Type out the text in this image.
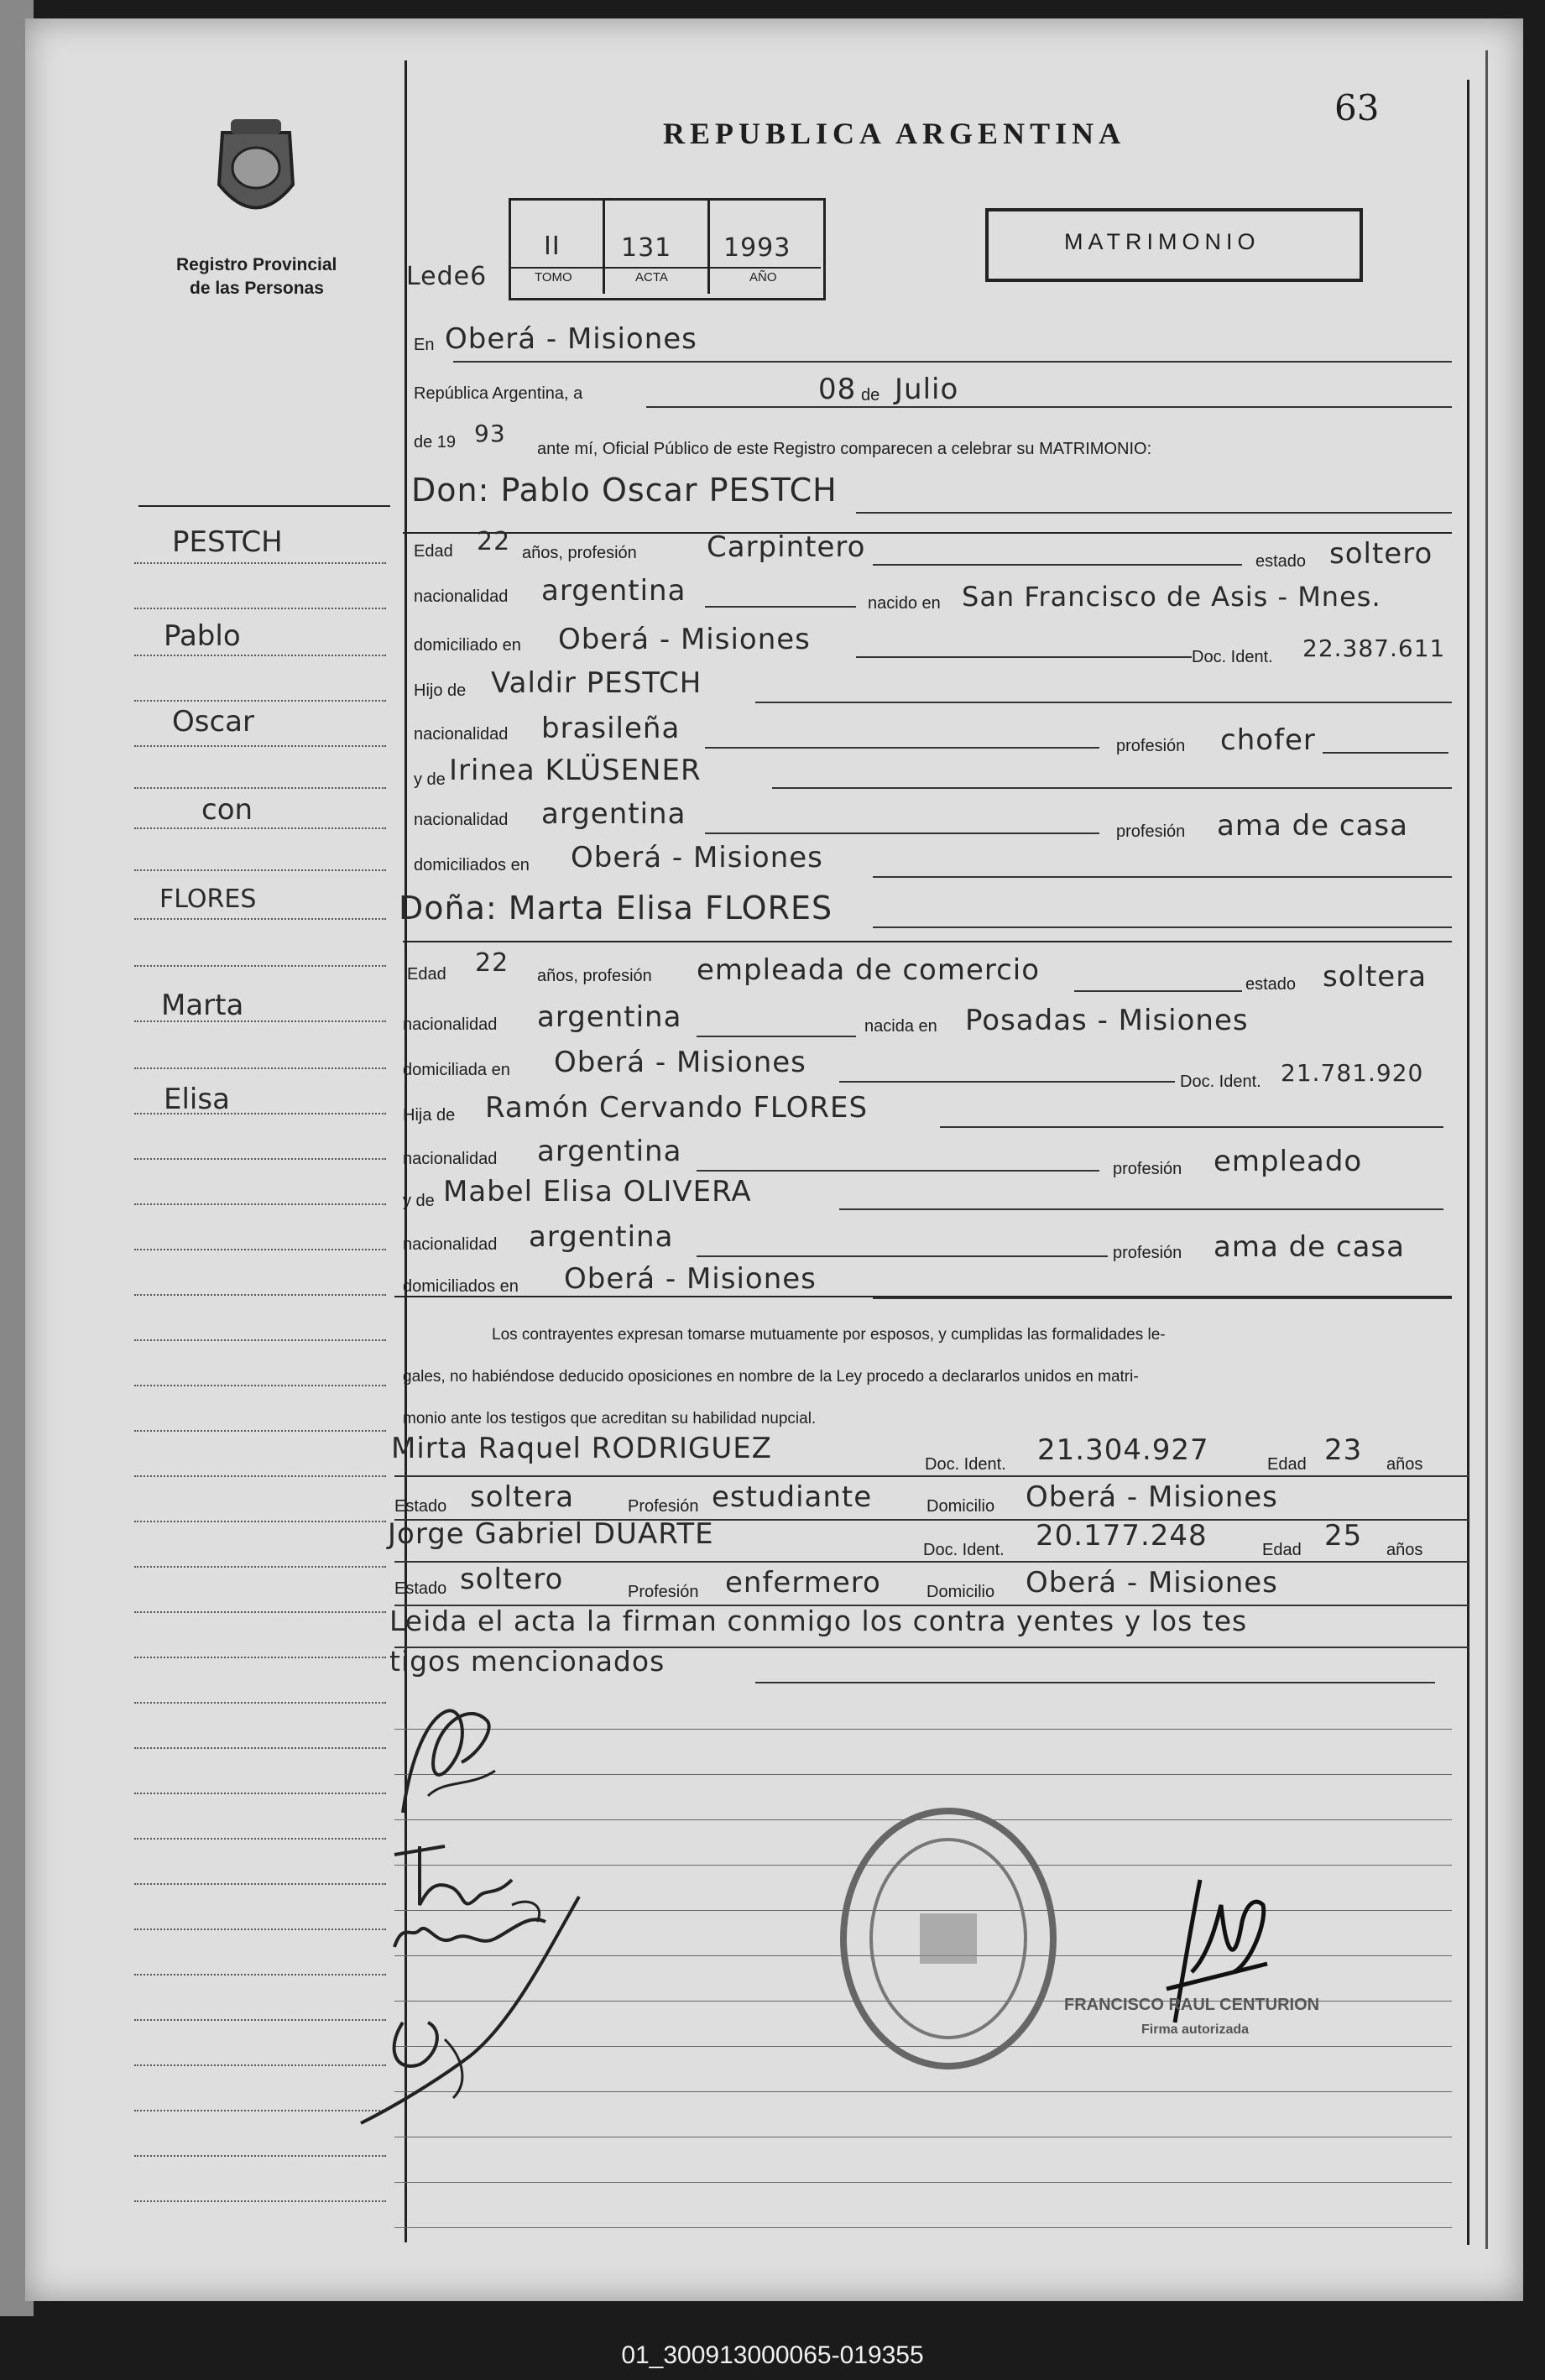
63
REPUBLICA ARGENTINA
Registro Provincial
de las Personas	Lede6
II 131 1993
TOMO	ACTA	AÑO
MATRIMONIO
PESTCH
Pablo
Oscar
con
FLORES
Marta
Elisa
En Oberá - Misiones
República Argentina, a	08 de Julio
de 19 93
ante mí, Oficial Público de este Registro comparecen a celebrar su MATRIMONIO:
Don: Pablo Oscar PESTCH
Edad 22 años, profesión Carpintero	estado soltero
nacionalidad argentina	nacido en San Francisco de Asis - Mnes.
domiciliado en Oberá - Misiones
Doc. Ident. 22.387.611
Hijo de Valdir PESTCH
nacionalidad brasileña
profesión chofer
y de Irinea KLÜSENER
nacionalidad argentina
profesión ama de casa
domiciliados en Oberá - Misiones
Doña: Marta Elisa FLORES
Edad 22 años, profesión empleada de comercio	estado soltera
nacionalidad argentina	nacida en Posadas - Misiones
domiciliada en Oberá - Misiones
Doc. Ident. 21.781.920
Hija de Ramón Cervando FLORES
nacionalidad argentina
profesión empleado
y de Mabel Elisa OLIVERA
nacionalidad argentina	profesión ama de casa
domiciliados en Oberá - Misiones
Los contrayentes expresan tomarse mutuamente por esposos, y cumplidas las formalidades le-
gales, no habiéndose deducido oposiciones en nombre de la Ley procedo a declararlos unidos en matri-
monio ante los testigos que acreditan su habilidad nupcial.
Mirta Raquel RODRIGUEZ	Doc. Ident. 21.304.927	Edad 23 años
Estado soltera	Profesión estudiante	Domicilio Oberá - Misiones
Jorge Gabriel DUARTE	Doc. Ident. 20.177.248	Edad 25 años
Estado soltero	Profesión enfermero	Domicilio Oberá - Misiones
Leida el acta la firman conmigo los contra yentes y los tes
tigos mencionados
FRANCISCO RAUL CENTURION
Firma autorizada
01_300913000065-019355
